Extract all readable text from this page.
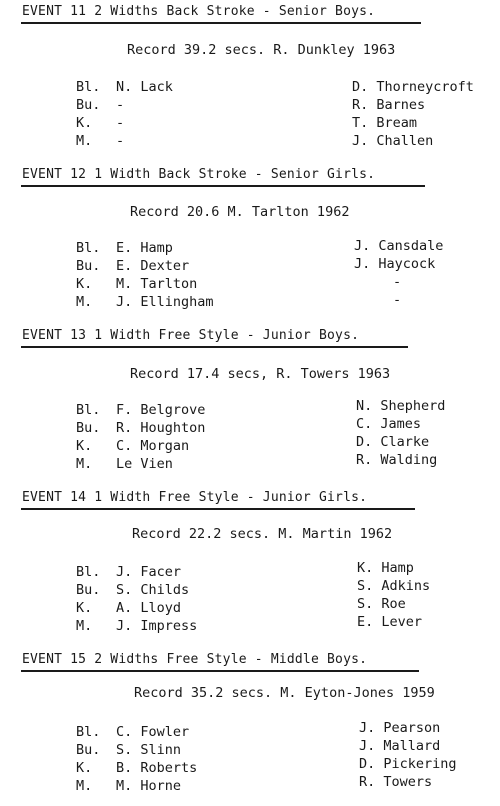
EVENT 11 2 Widths Back Stroke - Senior Boys.
Record 39.2 secs. R. Dunkley 1963
Bl. N. Lack
Bu. -
K. -
M. -
D. Thorneycroft
R. Barnes
T. Bream
J. Challen
EVENT 12 1 Width Back Stroke - Senior Girls.
Record 20.6 M. Tarlton 1962
Bl. E. Hamp
Bu. E. Dexter
K. M. Tarlton
M. J. Ellingham
J. Cansdale
J. Haycock
-
-
EVENT 13 1 Width Free Style - Junior Boys.
Record 17.4 secs, R. Towers 1963
Bl. F. Belgrove
Bu. R. Houghton
K. C. Morgan
M. Le Vien
N. Shepherd
C. James
D. Clarke
R. Walding
EVENT 14 1 Width Free Style - Junior Girls.
Record 22.2 secs. M. Martin 1962
Bl. J. Facer
Bu. S. Childs
K. A. Lloyd
M. J. Impress
K. Hamp
S. Adkins
S. Roe
E. Lever
EVENT 15 2 Widths Free Style - Middle Boys.
Record 35.2 secs. M. Eyton-Jones 1959
Bl. C. Fowler
Bu. S. Slinn
K. B. Roberts
M. M. Horne
J. Pearson
J. Mallard
D. Pickering
R. Towers
